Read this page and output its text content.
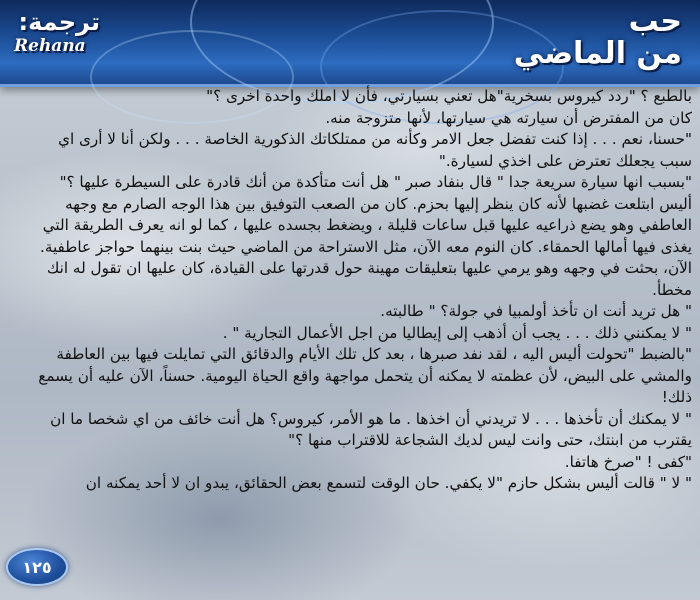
ترجمة:
Rehana
حب
من الماضي

بالطبع ؟ "ردد كيروس بسخرية"هل تعني بسيارتي، فأن لا املك واحدة اخرى ؟"

كان من المفترض أن سيارته هي سيارتها، لأنها متزوجة منه.

"حسنا، نعم . . . إذا كنت تفضل جعل الامر وكأنه من ممتلكاتك الذكورية الخاصة . . . ولكن أنا لا أرى اي سبب يجعلك تعترض على اخذي لسيارة."

"بسبب انها سيارة سريعة جدا " قال بنفاد صبر " هل أنت متأكدة من أنك قادرة على السيطرة عليها ؟"

أليس ابتلعت غضبها لأنه كان ينظر إليها بحزم. كان من الصعب التوفيق بين هذا الوجه الصارم مع وجهه العاطفي وهو يضع ذراعيه عليها قبل ساعات قليلة ، ويضغط بجسده عليها ، كما لو انه يعرف الطريقة التي يغذى فيها أمالها الحمقاء. كان النوم معه الآن، مثل الاستراحة من الماضي حيث بنت بينهما حواجز عاطفية. الآن، بحثت في وجهه وهو يرمي عليها بتعليقات مهينة حول قدرتها على القيادة، كان عليها ان تقول له انك مخطأ.

" هل تريد أنت ان تأخذ أولمبيا في جولة؟ " طالبته.

" لا يمكنني ذلك . . . يجب أن أذهب إلى إيطاليا من اجل الأعمال التجارية " .

"بالضبط "تحولت أليس اليه ، لقد نفد صبرها ، بعد كل تلك الأيام والدقائق التي تمايلت فيها بين العاطفة والمشي على البيض، لأن عظمته لا يمكنه أن يتحمل مواجهة واقع الحياة اليومية. حسناً، الآن عليه أن يسمع ذلك!

" لا يمكنك أن تأخذها . . . لا تريدني أن اخذها . ما هو الأمر، كيروس؟ هل أنت خائف من اي شخصا ما ان يقترب من ابنتك، حتى وانت ليس لديك الشجاعة للاقتراب منها ؟"

"كفى ! "صرخ هاتفا.

" لا " قالت أليس بشكل حازم "لا يكفي. حان الوقت لتسمع بعض الحقائق، يبدو ان لا أحد يمكنه ان

١٢٥
